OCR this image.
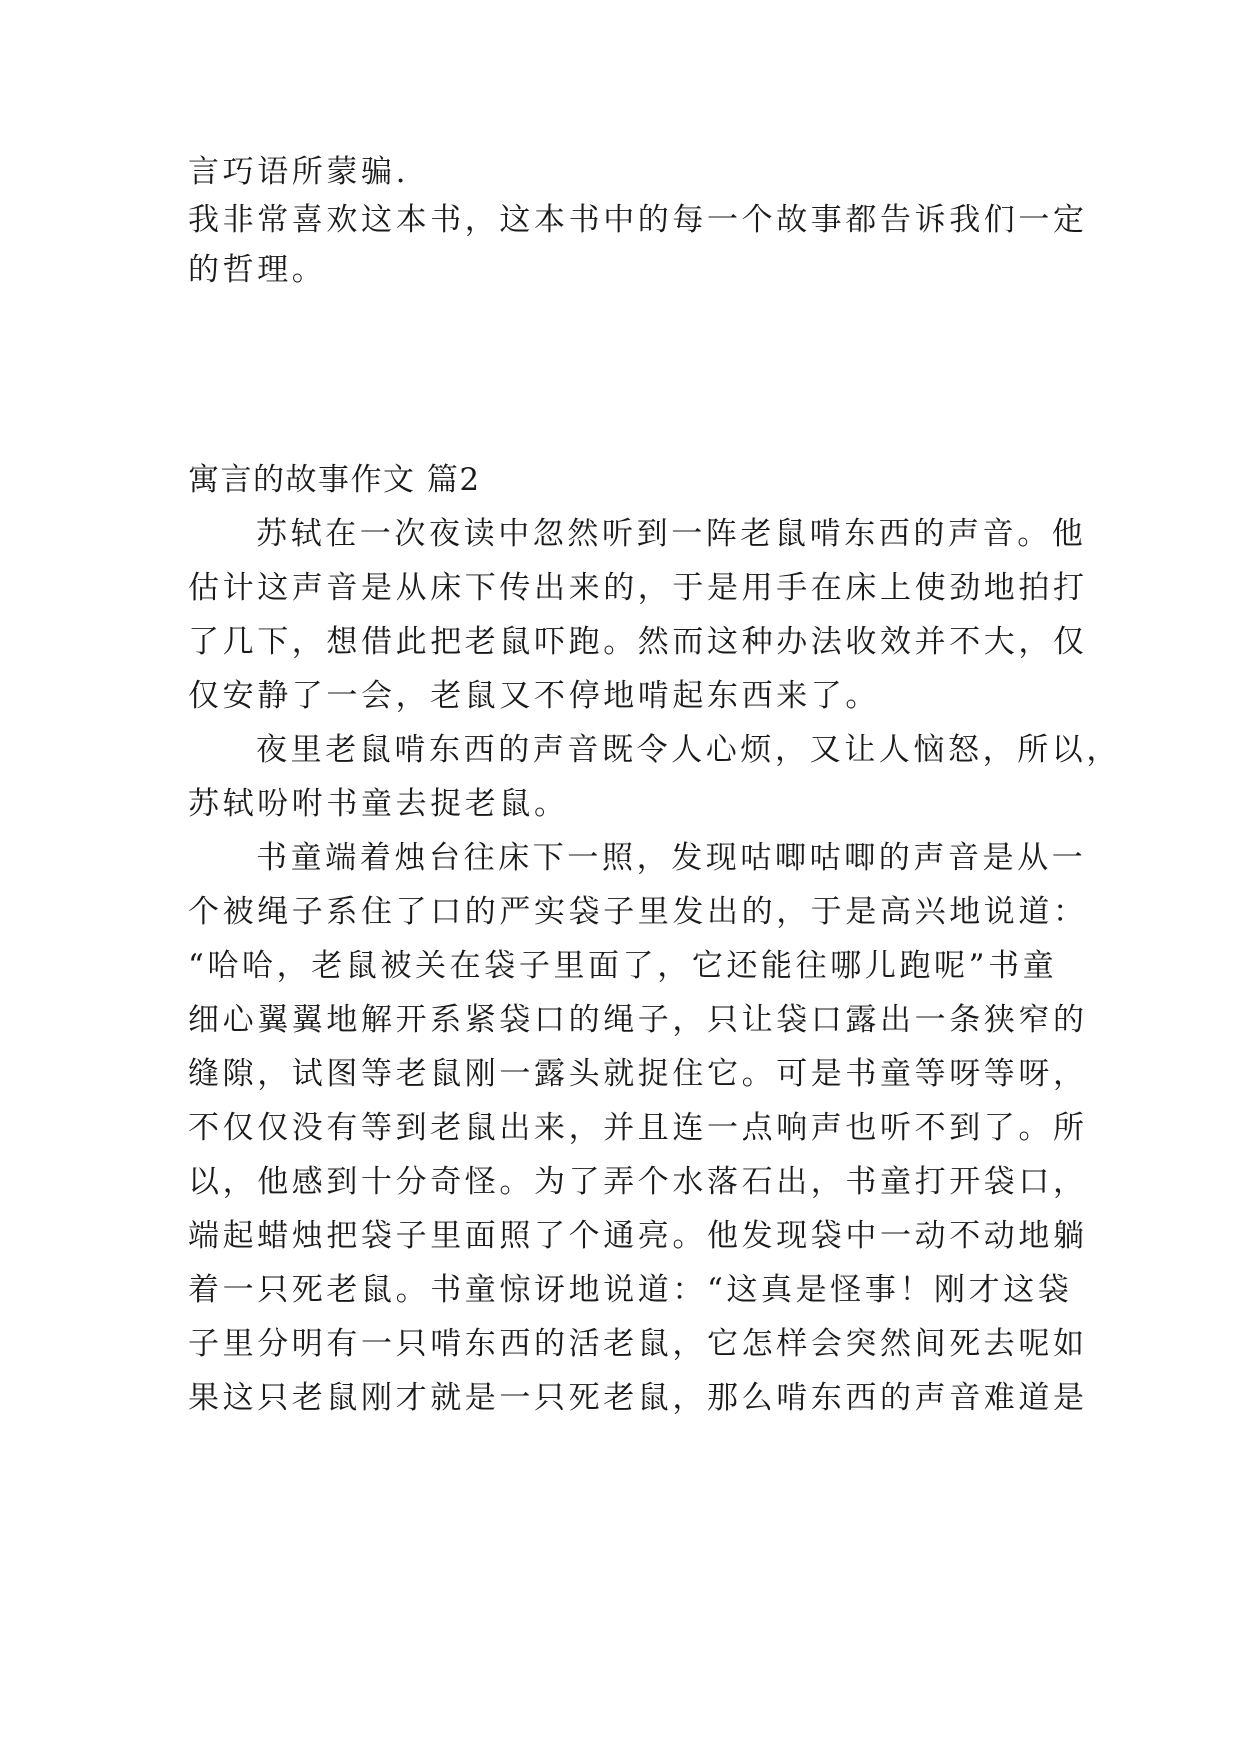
言巧语所蒙骗.

我非常喜欢这本书，这本书中的每一个故事都告诉我们一定

的哲理。

寓言的故事作文 篇2

苏轼在一次夜读中忽然听到一阵老鼠啃东西的声音。他

估计这声音是从床下传出来的，于是用手在床上使劲地拍打

了几下，想借此把老鼠吓跑。然而这种办法收效并不大，仅

仅安静了一会，老鼠又不停地啃起东西来了。

夜里老鼠啃东西的声音既令人心烦，又让人恼怒，所以，

苏轼吩咐书童去捉老鼠。

书童端着烛台往床下一照，发现咕唧咕唧的声音是从一

个被绳子系住了口的严实袋子里发出的，于是高兴地说道：

“哈哈，老鼠被关在袋子里面了，它还能往哪儿跑呢”书童

细心翼翼地解开系紧袋口的绳子，只让袋口露出一条狭窄的

缝隙，试图等老鼠刚一露头就捉住它。可是书童等呀等呀，

不仅仅没有等到老鼠出来，并且连一点响声也听不到了。所

以，他感到十分奇怪。为了弄个水落石出，书童打开袋口，

端起蜡烛把袋子里面照了个通亮。他发现袋中一动不动地躺

着一只死老鼠。书童惊讶地说道：“这真是怪事！刚才这袋

子里分明有一只啃东西的活老鼠，它怎样会突然间死去呢如

果这只老鼠刚才就是一只死老鼠，那么啃东西的声音难道是
